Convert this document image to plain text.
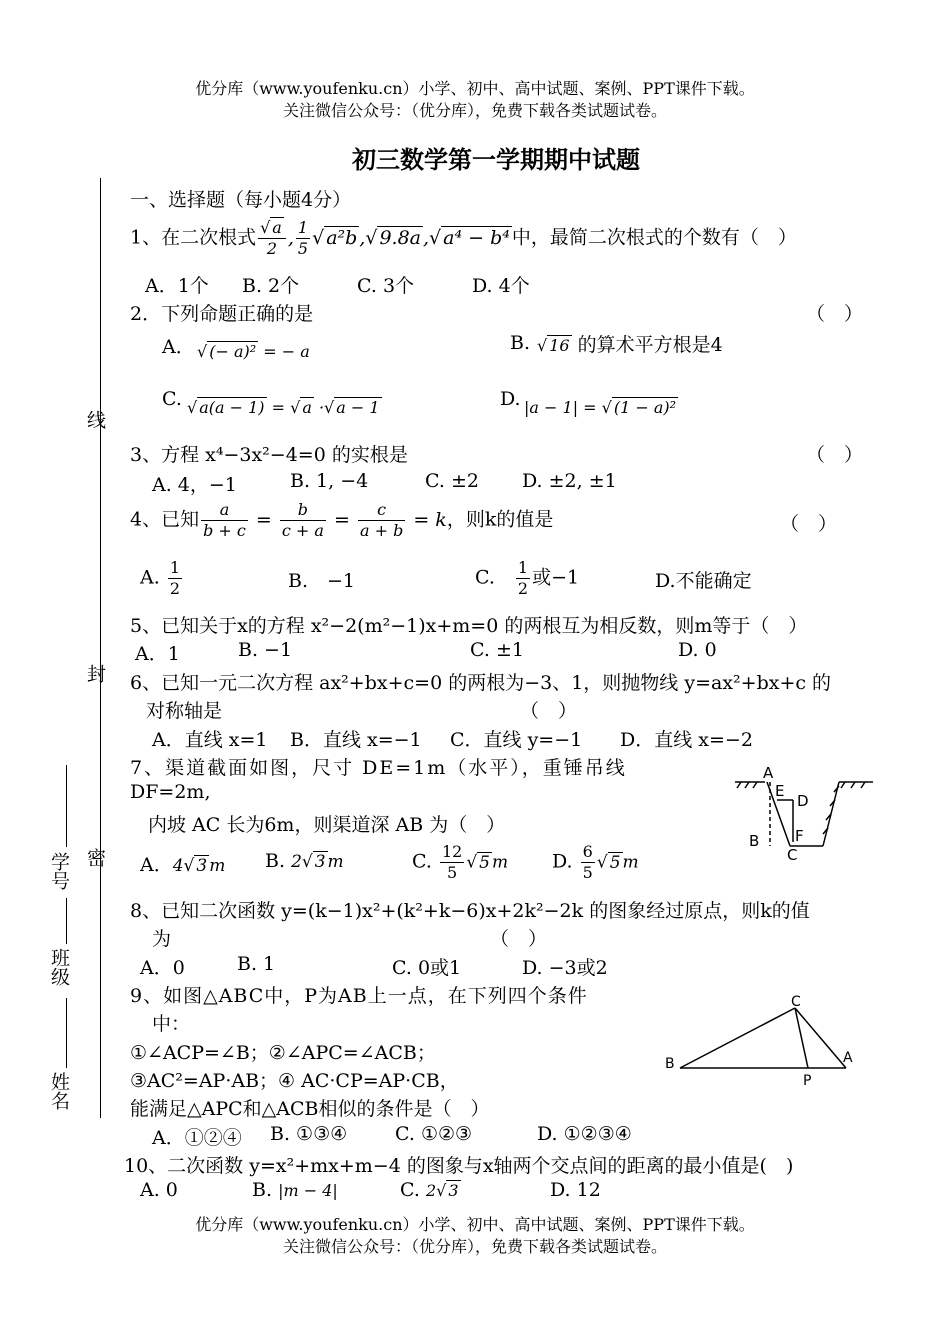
优分库（www.youfenku.cn）小学、初中、高中试题、案例、PPT课件下载。
关注微信公众号：（优分库），免费下载各类试题试卷。
初三数学第一学期期中试题
线
封
密
学号
班级
姓名
一、选择题（每小题4分）
1、在二次根式 $\frac{√ a}{2}$ , $\frac{1}{5}$ √ a²b ,√ 9.8a ,√ a⁴ − b⁴ 中，最简二次根式的个数有（　）
A．1个 B. 2个	C. 3个	D. 4个
2．下列命题正确的是	（　）
A． √ (− a)² = − a	B. √ 16 的算术平方根是4
C. √ a(a − 1) = √ a ·√ a − 1	D. |a − 1| = √ (1 − a)²
3、方程 x⁴−3x²−4=0 的实根是	（　）
A. 4，−1	B. 1, −4	C. ±2 D. ±2, ±1
4、已知 $\frac{a}{b + c} = \frac{b}{c + a} = \frac{c}{a + b} = k$，则k的值是	（　）
A. $\frac{1}{2}$	B.　−1	C.　 $\frac{1}{2}$ 或−1	D.不能确定
5、已知关于x的方程 x²−2(m²−1)x+m=0 的两根互为相反数，则m等于（　）
A．1	B. −1	C. ±1	D. 0
6、已知一元二次方程 ax²+bx+c=0 的两根为−3、1，则抛物线 y=ax²+bx+c 的
对称轴是	（　）
A．直线 x=1 B．直线 x=−1 C．直线 y=−1 D．直线 x=−2
7、渠道截面如图，尺寸 DE=1m（水平），重锤吊线
DF=2m,
内坡 AC 长为6m，则渠道深 AB 为（　）
A．4√ 3 m B. 2√ 3 m	C. $\frac{12}{5}$ √ 5 m D. $\frac{6}{5}$ √ 5 m
A
E
D
B F
C
8、已知二次函数 y=(k−1)x²+(k²+k−6)x+2k²−2k 的图象经过原点，则k的值
为	（　）
A．0	B. 1	C. 0或1	D. −3或2
9、如图△ABC中，P为AB上一点，在下列四个条件
中：
①∠ACP=∠B；②∠APC=∠ACB；
③AC²=AP·AB；④ AC·CP=AP·CB，
能满足△APC和△ACB相似的条件是（　）
A．①②④ B. ①③④	C. ①②③	D. ①②③④
C
B	A
P
10、二次函数 y=x²+mx+m−4 的图象与x轴两个交点间的距离的最小值是(　)
A. 0	B. |m − 4|	C. 2√ 3	D. 12
优分库（www.youfenku.cn）小学、初中、高中试题、案例、PPT课件下载。
关注微信公众号：（优分库），免费下载各类试题试卷。
